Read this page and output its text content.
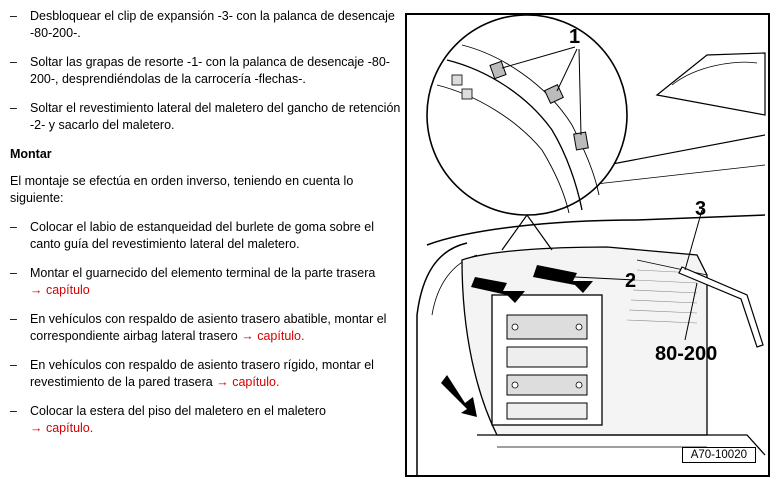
– Desbloquear el clip de expansión -3- con la palanca de desencaje -80-200-.
– Soltar las grapas de resorte -1- con la palanca de desencaje -80-200-, desprendiéndolas de la carrocería -flechas-.
– Soltar el revestimiento lateral del maletero del gancho de retención -2- y sacarlo del maletero.
Montar
El montaje se efectúa en orden inverso, teniendo en cuenta lo siguiente:
– Colocar el labio de estanqueidad del burlete de goma sobre el canto guía del revestimiento lateral del maletero.
– Montar el guarnecido del elemento terminal de la parte trasera
→ capítulo
– En vehículos con respaldo de asiento trasero abatible, montar el correspondiente airbag lateral trasero → capítulo.
– En vehículos con respaldo de asiento trasero rígido, montar el revestimiento de la pared trasera → capítulo.
– Colocar la estera del piso del maletero en el maletero
→ capítulo.
1
2
3
80-200
A70-10020
